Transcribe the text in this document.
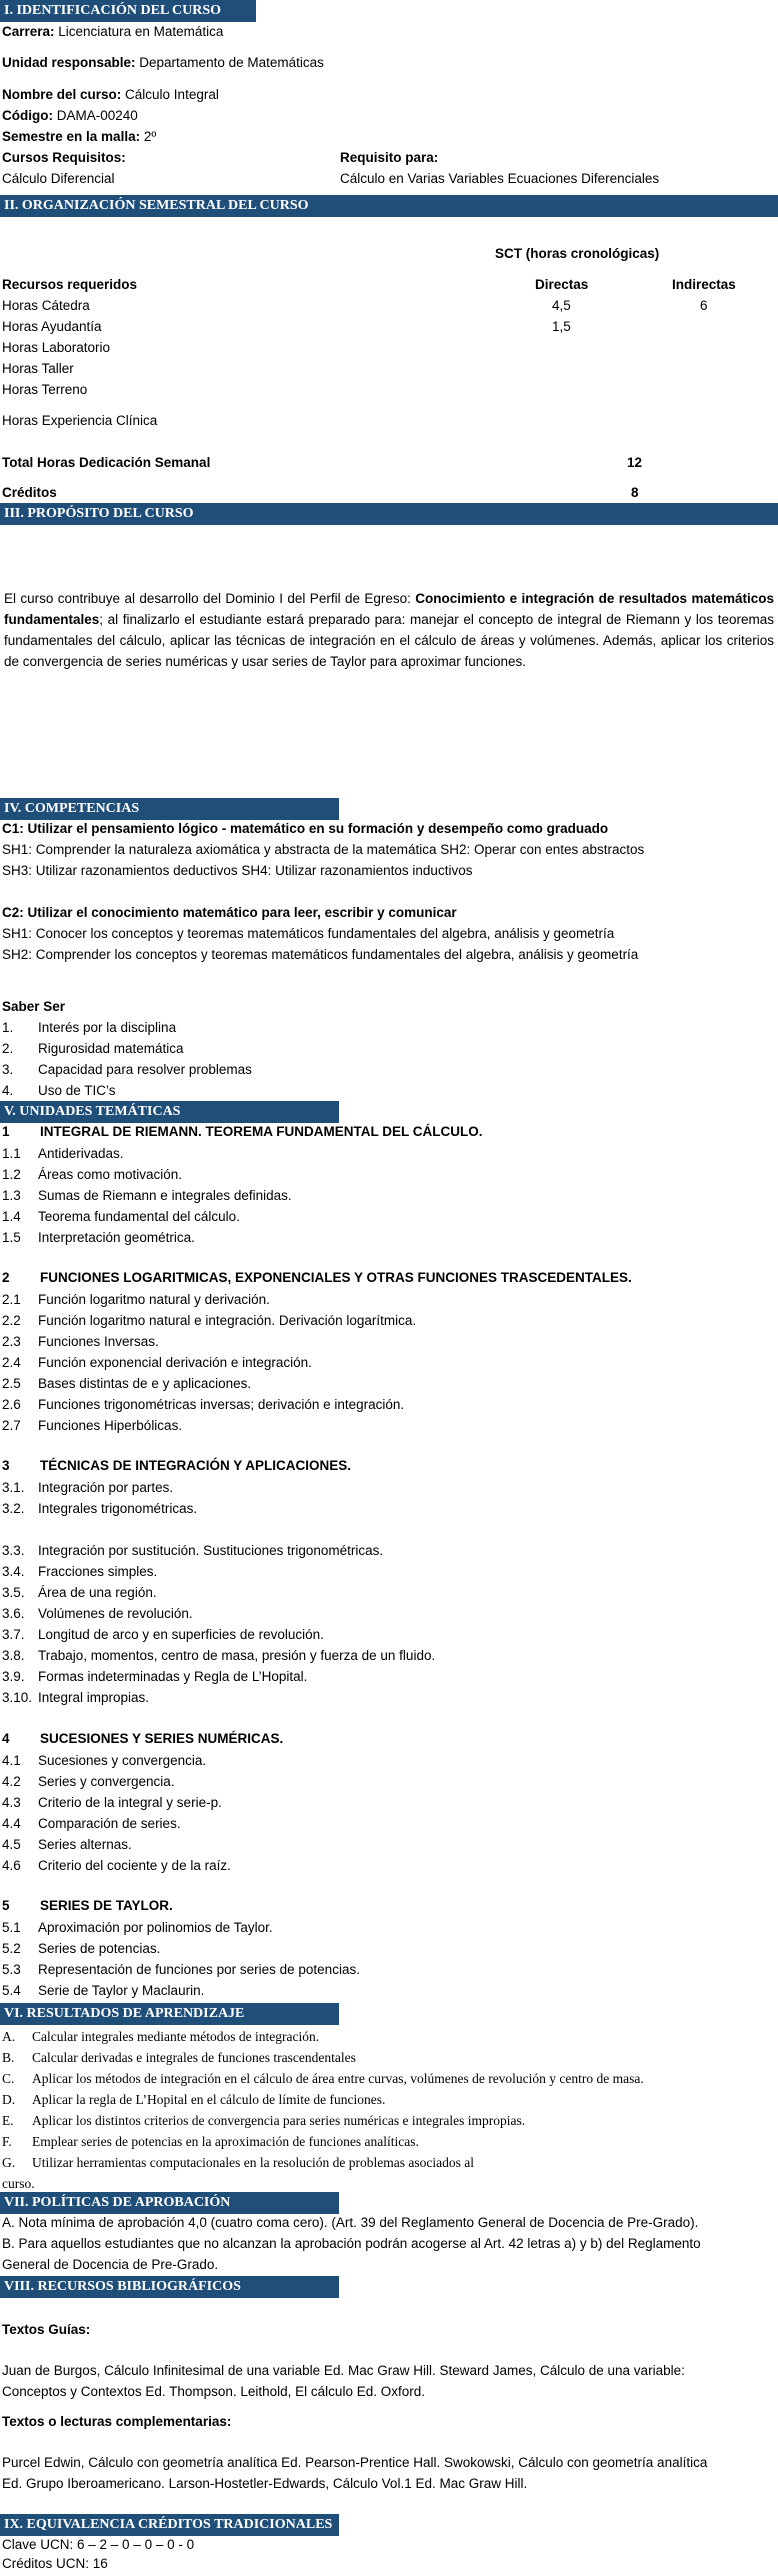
I. IDENTIFICACIÓN DEL CURSO
Carrera: Licenciatura en Matemática
Unidad responsable: Departamento de Matemáticas
Nombre del curso: Cálculo Integral
Código: DAMA-00240
Semestre en la malla: 2º
Cursos Requisitos:
Cálculo Diferencial
Requisito para:
Cálculo en Varias Variables Ecuaciones Diferenciales
II. ORGANIZACIÓN SEMESTRAL DEL CURSO
SCT (horas cronológicas)
Recursos requeridos	Directas	Indirectas
Horas Cátedra	4,5	6
Horas Ayudantía	1,5
Horas Laboratorio
Horas Taller
Horas Terreno
Horas Experiencia Clínica
Total Horas Dedicación Semanal	12
Créditos	8
III. PROPÓSITO DEL CURSO
El curso contribuye al desarrollo del Dominio I del Perfil de Egreso: Conocimiento e integración de resultados matemáticos fundamentales; al finalizarlo el estudiante estará preparado para: manejar el concepto de integral de Riemann y los teoremas fundamentales del cálculo, aplicar las técnicas de integración en el cálculo de áreas y volúmenes. Además, aplicar los criterios de convergencia de series numéricas y usar series de Taylor para aproximar funciones.
IV. COMPETENCIAS
C1: Utilizar el pensamiento lógico - matemático en su formación y desempeño como graduado
SH1: Comprender la naturaleza axiomática y abstracta de la matemática SH2: Operar con entes abstractos
SH3: Utilizar razonamientos deductivos SH4: Utilizar razonamientos inductivos
C2: Utilizar el conocimiento matemático para leer, escribir y comunicar
SH1: Conocer los conceptos y teoremas matemáticos fundamentales del algebra, análisis y geometría
SH2: Comprender los conceptos y teoremas matemáticos fundamentales del algebra, análisis y geometría
Saber Ser
1. Interés por la disciplina
2. Rigurosidad matemática
3. Capacidad para resolver problemas
4. Uso de TIC’s
V. UNIDADES TEMÁTICAS
1 INTEGRAL DE RIEMANN. TEOREMA FUNDAMENTAL DEL CÁLCULO.
1.1 Antiderivadas.
1.2 Áreas como motivación.
1.3 Sumas de Riemann e integrales definidas.
1.4 Teorema fundamental del cálculo.
1.5 Interpretación geométrica.
2 FUNCIONES LOGARITMICAS, EXPONENCIALES Y OTRAS FUNCIONES TRASCEDENTALES.
2.1 Función logaritmo natural y derivación.
2.2 Función logaritmo natural e integración. Derivación logarítmica.
2.3 Funciones Inversas.
2.4 Función exponencial derivación e integración.
2.5 Bases distintas de e y aplicaciones.
2.6 Funciones trigonométricas inversas; derivación e integración.
2.7 Funciones Hiperbólicas.
3 TÉCNICAS DE INTEGRACIÓN Y APLICACIONES.
3.1. Integración por partes.
3.2. Integrales trigonométricas.
3.3. Integración por sustitución. Sustituciones trigonométricas.
3.4. Fracciones simples.
3.5. Área de una región.
3.6. Volúmenes de revolución.
3.7. Longitud de arco y en superficies de revolución.
3.8. Trabajo, momentos, centro de masa, presión y fuerza de un fluido.
3.9. Formas indeterminadas y Regla de L’Hopital.
3.10. Integral impropias.
4 SUCESIONES Y SERIES NUMÉRICAS.
4.1 Sucesiones y convergencia.
4.2 Series y convergencia.
4.3 Criterio de la integral y serie-p.
4.4 Comparación de series.
4.5 Series alternas.
4.6 Criterio del cociente y de la raíz.
5 SERIES DE TAYLOR.
5.1 Aproximación por polinomios de Taylor.
5.2 Series de potencias.
5.3 Representación de funciones por series de potencias.
5.4 Serie de Taylor y Maclaurin.
VI. RESULTADOS DE APRENDIZAJE
A. Calcular integrales mediante métodos de integración.
B. Calcular derivadas e integrales de funciones trascendentales
C. Aplicar los métodos de integración en el cálculo de área entre curvas, volúmenes de revolución y centro de masa.
D. Aplicar la regla de L’Hopital en el cálculo de límite de funciones.
E. Aplicar los distintos criterios de convergencia para series numéricas e integrales impropias.
F. Emplear series de potencias en la aproximación de funciones analíticas.
G. Utilizar herramientas computacionales en la resolución de problemas asociados al
curso.
VII. POLÍTICAS DE APROBACIÓN
A. Nota mínima de aprobación 4,0 (cuatro coma cero). (Art. 39 del Reglamento General de Docencia de Pre-Grado).
B. Para aquellos estudiantes que no alcanzan la aprobación podrán acogerse al Art. 42 letras a) y b) del Reglamento
General de Docencia de Pre-Grado.
VIII. RECURSOS BIBLIOGRÁFICOS
Textos Guías:
Juan de Burgos, Cálculo Infinitesimal de una variable Ed. Mac Graw Hill. Steward James, Cálculo de una variable:
Conceptos y Contextos Ed. Thompson. Leithold, El cálculo Ed. Oxford.
Textos o lecturas complementarias:
Purcel Edwin, Cálculo con geometría analítica Ed. Pearson-Prentice Hall. Swokowski, Cálculo con geometría analítica
Ed. Grupo Iberoamericano. Larson-Hostetler-Edwards, Cálculo Vol.1 Ed. Mac Graw Hill.
IX. EQUIVALENCIA CRÉDITOS TRADICIONALES
Clave UCN: 6 – 2 – 0 – 0 – 0 - 0
Créditos UCN: 16
